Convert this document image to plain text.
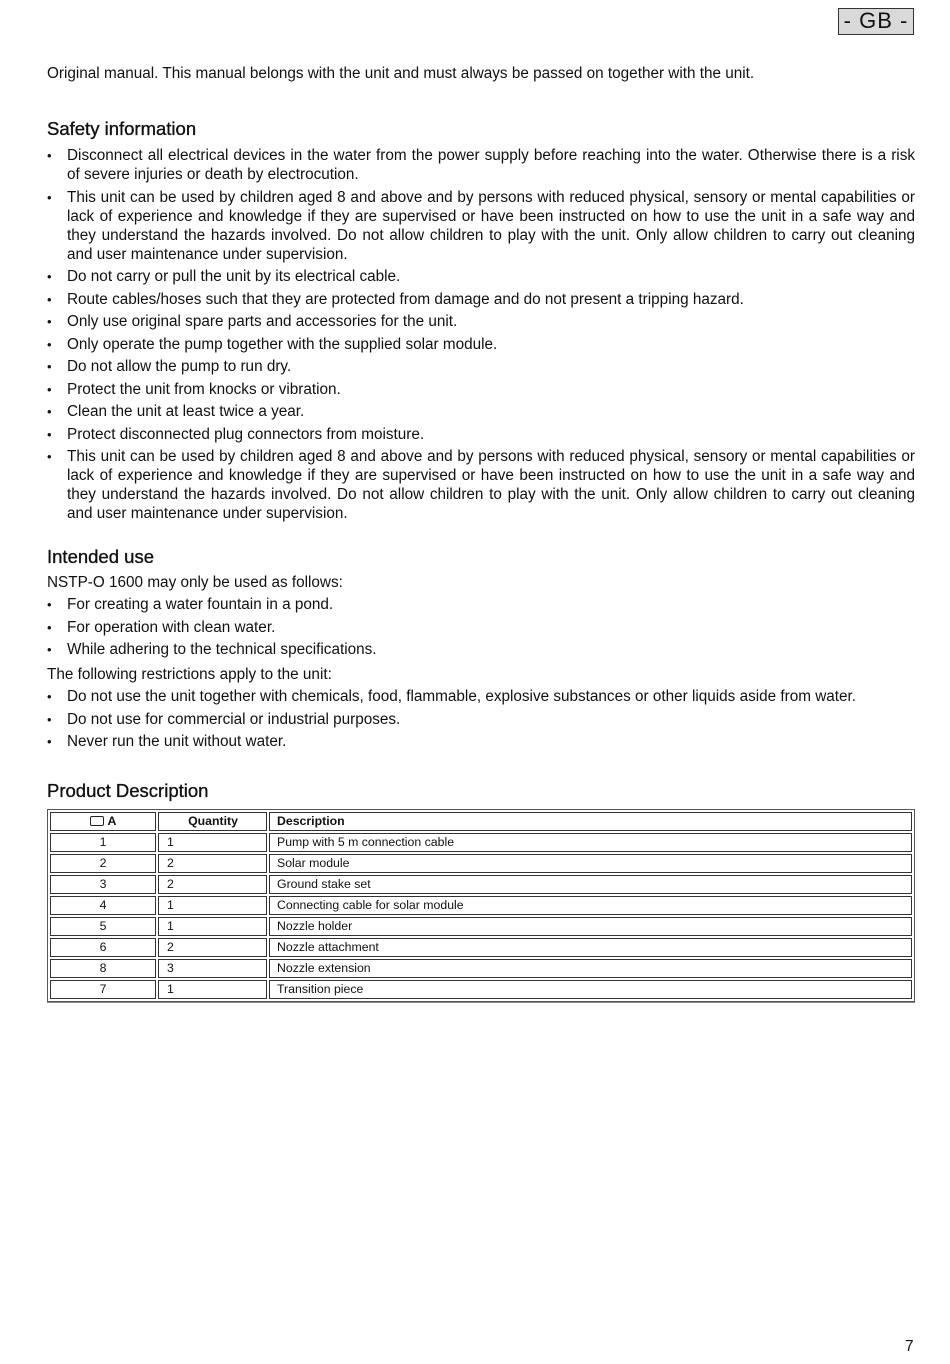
- GB -

Original manual. This manual belongs with the unit and must always be passed on together with the unit.

Safety information
• Disconnect all electrical devices in the water from the power supply before reaching into the water. Otherwise there is a risk of severe injuries or death by electrocution.
• This unit can be used by children aged 8 and above and by persons with reduced physical, sensory or mental capabilities or lack of experience and knowledge if they are supervised or have been instructed on how to use the unit in a safe way and they understand the hazards involved. Do not allow children to play with the unit. Only allow children to carry out cleaning and user maintenance under supervision.
• Do not carry or pull the unit by its electrical cable.
• Route cables/hoses such that they are protected from damage and do not present a tripping hazard.
• Only use original spare parts and accessories for the unit.
• Only operate the pump together with the supplied solar module.
• Do not allow the pump to run dry.
• Protect the unit from knocks or vibration.
• Clean the unit at least twice a year.
• Protect disconnected plug connectors from moisture.
• This unit can be used by children aged 8 and above and by persons with reduced physical, sensory or mental capabilities or lack of experience and knowledge if they are supervised or have been instructed on how to use the unit in a safe way and they understand the hazards involved. Do not allow children to play with the unit. Only allow children to carry out cleaning and user maintenance under supervision.
Intended use

NSTP-O 1600 may only be used as follows:

• For creating a water fountain in a pond.
• For operation with clean water.
• While adhering to the technical specifications.

The following restrictions apply to the unit:

• Do not use the unit together with chemicals, food, flammable, explosive substances or other liquids aside from water.
• Do not use for commercial or industrial purposes.
• Never run the unit without water.
Product Description
A	Quantity	Description
1	1	Pump with 5 m connection cable
2	2	Solar module
3	2	Ground stake set
4	1	Connecting cable for solar module
5	1	Nozzle holder
6	2	Nozzle attachment
8	3	Nozzle extension
7	1	Transition piece
7
